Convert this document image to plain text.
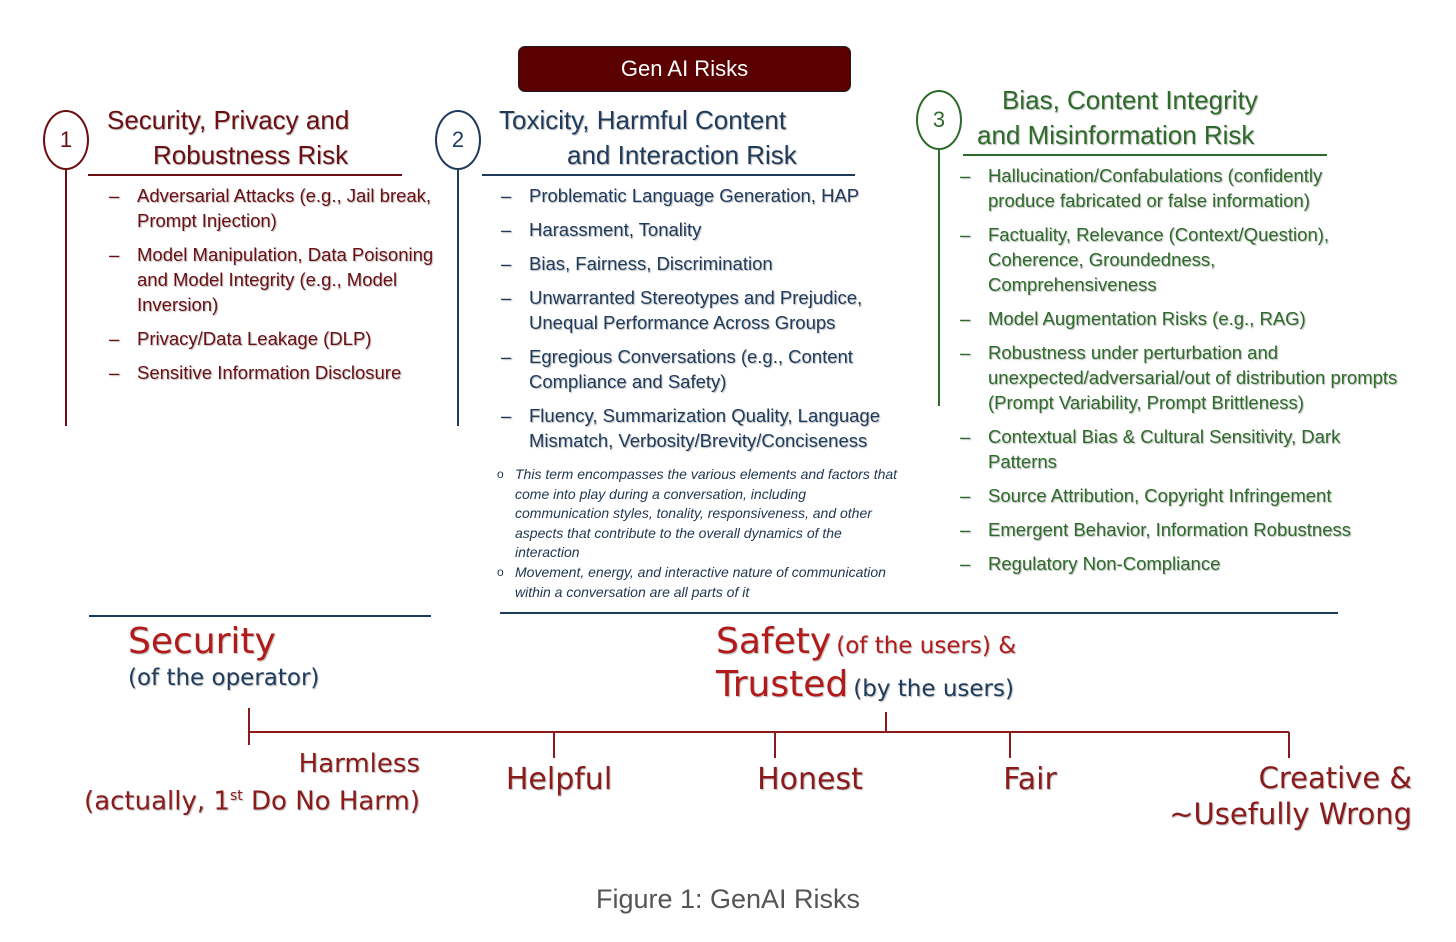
Gen AI Risks
1
Security, Privacy and
Robustness Risk
– Adversarial Attacks (e.g., Jail break, Prompt Injection)
– Model Manipulation, Data Poisoning and Model Integrity (e.g., Model Inversion)
– Privacy/Data Leakage (DLP)
– Sensitive Information Disclosure
2
Toxicity, Harmful Content
and Interaction Risk
– Problematic Language Generation, HAP
– Harassment, Tonality
– Bias, Fairness, Discrimination
– Unwarranted Stereotypes and Prejudice, Unequal Performance Across Groups
– Egregious Conversations (e.g., Content Compliance and Safety)
– Fluency, Summarization Quality, Language Mismatch, Verbosity/Brevity/Conciseness
o This term encompasses the various elements and factors that come into play during a conversation, including communication styles, tonality, responsiveness, and other aspects that contribute to the overall dynamics of the interaction
o Movement, energy, and interactive nature of communication within a conversation are all parts of it
3
Bias, Content Integrity
and Misinformation Risk
– Hallucination/Confabulations (confidently produce fabricated or false information)
– Factuality, Relevance (Context/Question), Coherence, Groundedness, Comprehensiveness
– Model Augmentation Risks (e.g., RAG)
– Robustness under perturbation and unexpected/adversarial/out of distribution prompts (Prompt Variability, Prompt Brittleness)
– Contextual Bias & Cultural Sensitivity, Dark Patterns
– Source Attribution, Copyright Infringement
– Emergent Behavior, Information Robustness
– Regulatory Non-Compliance
Security
(of the operator)
Safety (of the users) &
Trusted (by the users)
Harmless
(actually, 1st Do No Harm)
Helpful	Honest	Fair	Creative &
~Usefully Wrong
Figure 1: GenAI Risks
